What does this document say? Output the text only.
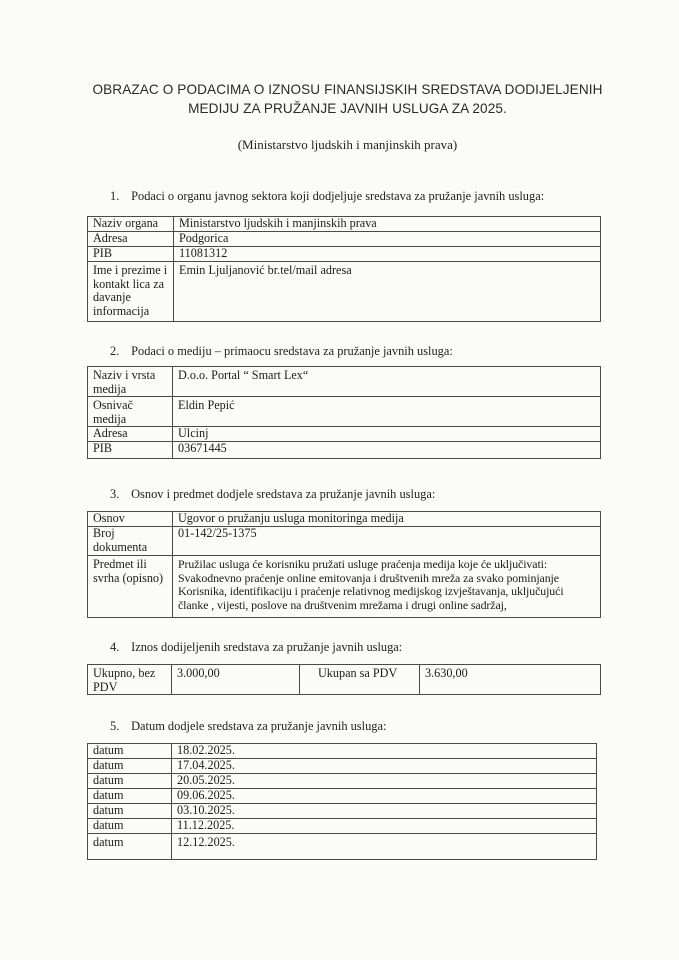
OBRAZAC O PODACIMA O IZNOSU FINANSIJSKIH SREDSTAVA DODIJELJENIH
MEDIJU ZA PRUŽANJE JAVNIH USLUGA ZA 2025.
(Ministarstvo ljudskih i manjinskih prava)
1. Podaci o organu javnog sektora koji dodjeljuje sredstava za pružanje javnih usluga:
Naziv organa	Ministarstvo ljudskih i manjinskih prava
Adresa	Podgorica
PIB	11081312
Ime i prezime i kontakt lica za davanje informacija	Emin Ljuljanović br.tel/mail adresa
2. Podaci o mediju – primaocu sredstava za pružanje javnih usluga:
Naziv i vrsta medija	D.o.o. Portal “ Smart Lex“
Osnivač medija	Eldin Pepić
Adresa	Ulcinj
PIB	03671445
3. Osnov i predmet dodjele sredstava za pružanje javnih usluga:
Osnov	Ugovor o pružanju usluga monitoringa medija
Broj dokumenta	01-142/25-1375
Predmet ili svrha (opisno)	Pružilac usluga će korisniku pružati usluge praćenja medija koje će uključivati: Svakodnevno praćenje online emitovanja i društvenih mreža za svako pominjanje Korisnika, identifikaciju i praćenje relativnog medijskog izvještavanja, uključujući članke , vijesti, poslove na društvenim mrežama i drugi online sadržaj,
4. Iznos dodijeljenih sredstava za pružanje javnih usluga:
Ukupno, bez PDV	3.000,00	Ukupan sa PDV	3.630,00
5. Datum dodjele sredstava za pružanje javnih usluga:
datum	18.02.2025.
datum	17.04.2025.
datum	20.05.2025.
datum	09.06.2025.
datum	03.10.2025.
datum	11.12.2025.
datum	12.12.2025.
